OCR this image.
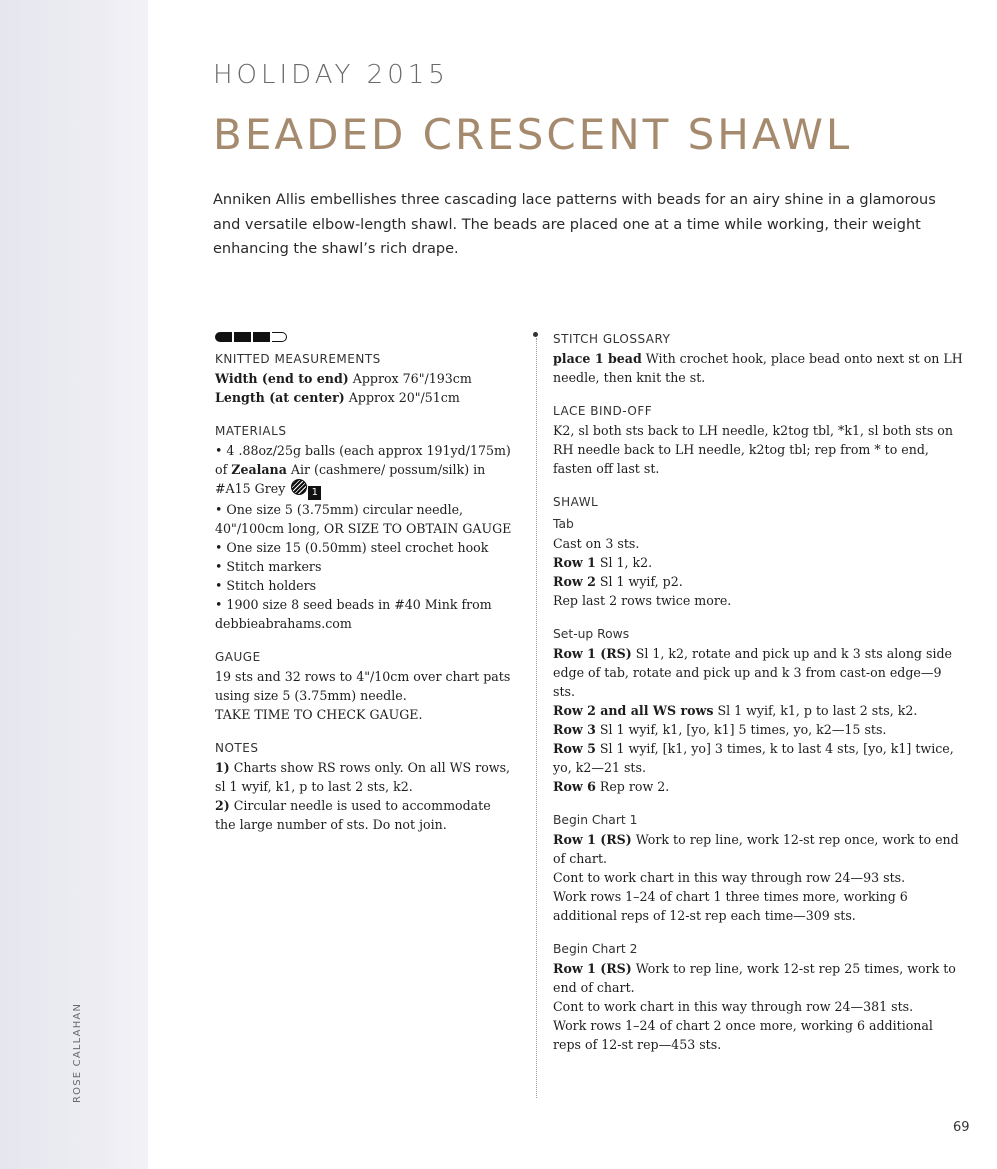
ROSE CALLAHAN
HOLIDAY 2015
BEADED CRESCENT SHAWL
Anniken Allis embellishes three cascading lace patterns with beads for an airy shine in a glamorous and versatile elbow-length shawl. The beads are placed one at a time while working, their weight enhancing the shawl’s rich drape.
KNITTED MEASUREMENTS

Width (end to end) Approx 76"/193cm

Length (at center) Approx 20"/51cm

MATERIALS

• 4 .88oz/25g balls (each approx 191yd/175m) of Zealana Air (cashmere/ possum/silk) in #A15 Grey 1

• One size 5 (3.75mm) circular needle, 40"/100cm long, OR SIZE TO OBTAIN GAUGE

• One size 15 (0.50mm) steel crochet hook

• Stitch markers

• Stitch holders

• 1900 size 8 seed beads in #40 Mink from debbieabrahams.com

GAUGE

19 sts and 32 rows to 4"/10cm over chart pats using size 5 (3.75mm) needle.

TAKE TIME TO CHECK GAUGE.

NOTES

1) Charts show RS rows only. On all WS rows, sl 1 wyif, k1, p to last 2 sts, k2.

2) Circular needle is used to accommodate the large number of sts. Do not join.

STITCH GLOSSARY

place 1 bead With crochet hook, place bead onto next st on LH needle, then knit the st.

LACE BIND-OFF

K2, sl both sts back to LH needle, k2tog tbl, *k1, sl both sts on RH needle back to LH needle, k2tog tbl; rep from * to end, fasten off last st.

SHAWL
Tab

Cast on 3 sts.

Row 1 Sl 1, k2.

Row 2 Sl 1 wyif, p2.

Rep last 2 rows twice more.

Set-up Rows

Row 1 (RS) Sl 1, k2, rotate and pick up and k 3 sts along side edge of tab, rotate and pick up and k 3 from cast-on edge—9 sts.

Row 2 and all WS rows Sl 1 wyif, k1, p to last 2 sts, k2.

Row 3 Sl 1 wyif, k1, [yo, k1] 5 times, yo, k2—15 sts.

Row 5 Sl 1 wyif, [k1, yo] 3 times, k to last 4 sts, [yo, k1] twice, yo, k2—21 sts.

Row 6 Rep row 2.

Begin Chart 1

Row 1 (RS) Work to rep line, work 12-st rep once, work to end of chart.

Cont to work chart in this way through row 24—93 sts.

Work rows 1–24 of chart 1 three times more, working 6 additional reps of 12-st rep each time—309 sts.

Begin Chart 2

Row 1 (RS) Work to rep line, work 12-st rep 25 times, work to end of chart.

Cont to work chart in this way through row 24—381 sts.

Work rows 1–24 of chart 2 once more, working 6 additional reps of 12-st rep—453 sts.

69
